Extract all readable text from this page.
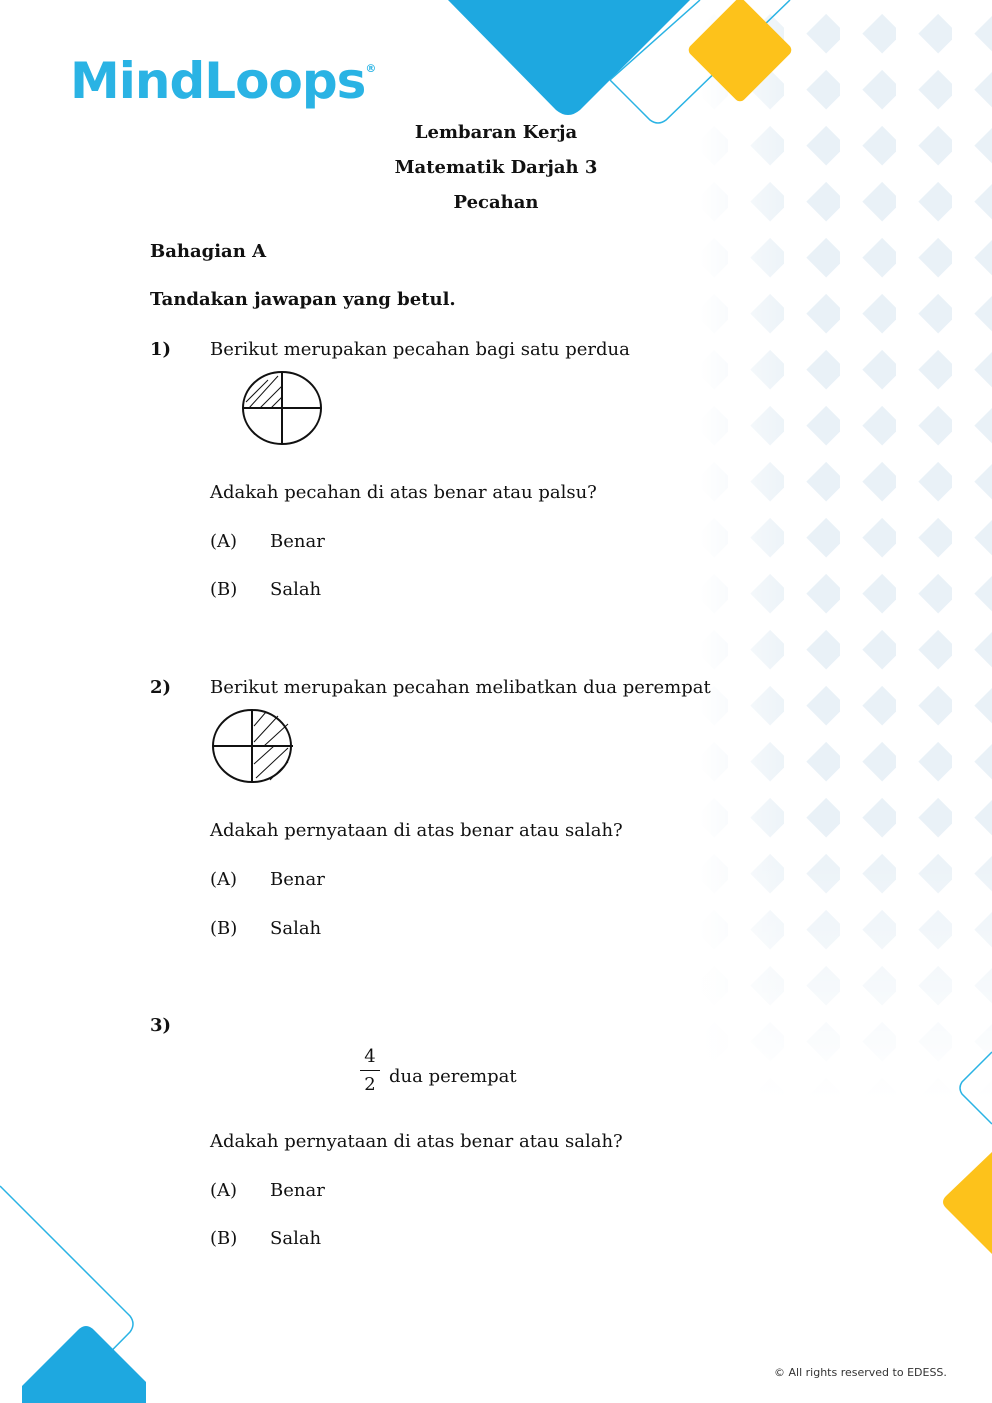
MindLoops®
Lembaran Kerja
Matematik Darjah 3
Pecahan
Bahagian A
Tandakan jawapan yang betul.
1) Berikut merupakan pecahan bagi satu perdua
Adakah pecahan di atas benar atau palsu?
(A) Benar
(B) Salah
2) Berikut merupakan pecahan melibatkan dua perempat
Adakah pernyataan di atas benar atau salah?
(A) Benar
(B) Salah
3)
4
2 dua perempat
Adakah pernyataan di atas benar atau salah?
(A) Benar
(B) Salah
© All rights reserved to EDESS.
